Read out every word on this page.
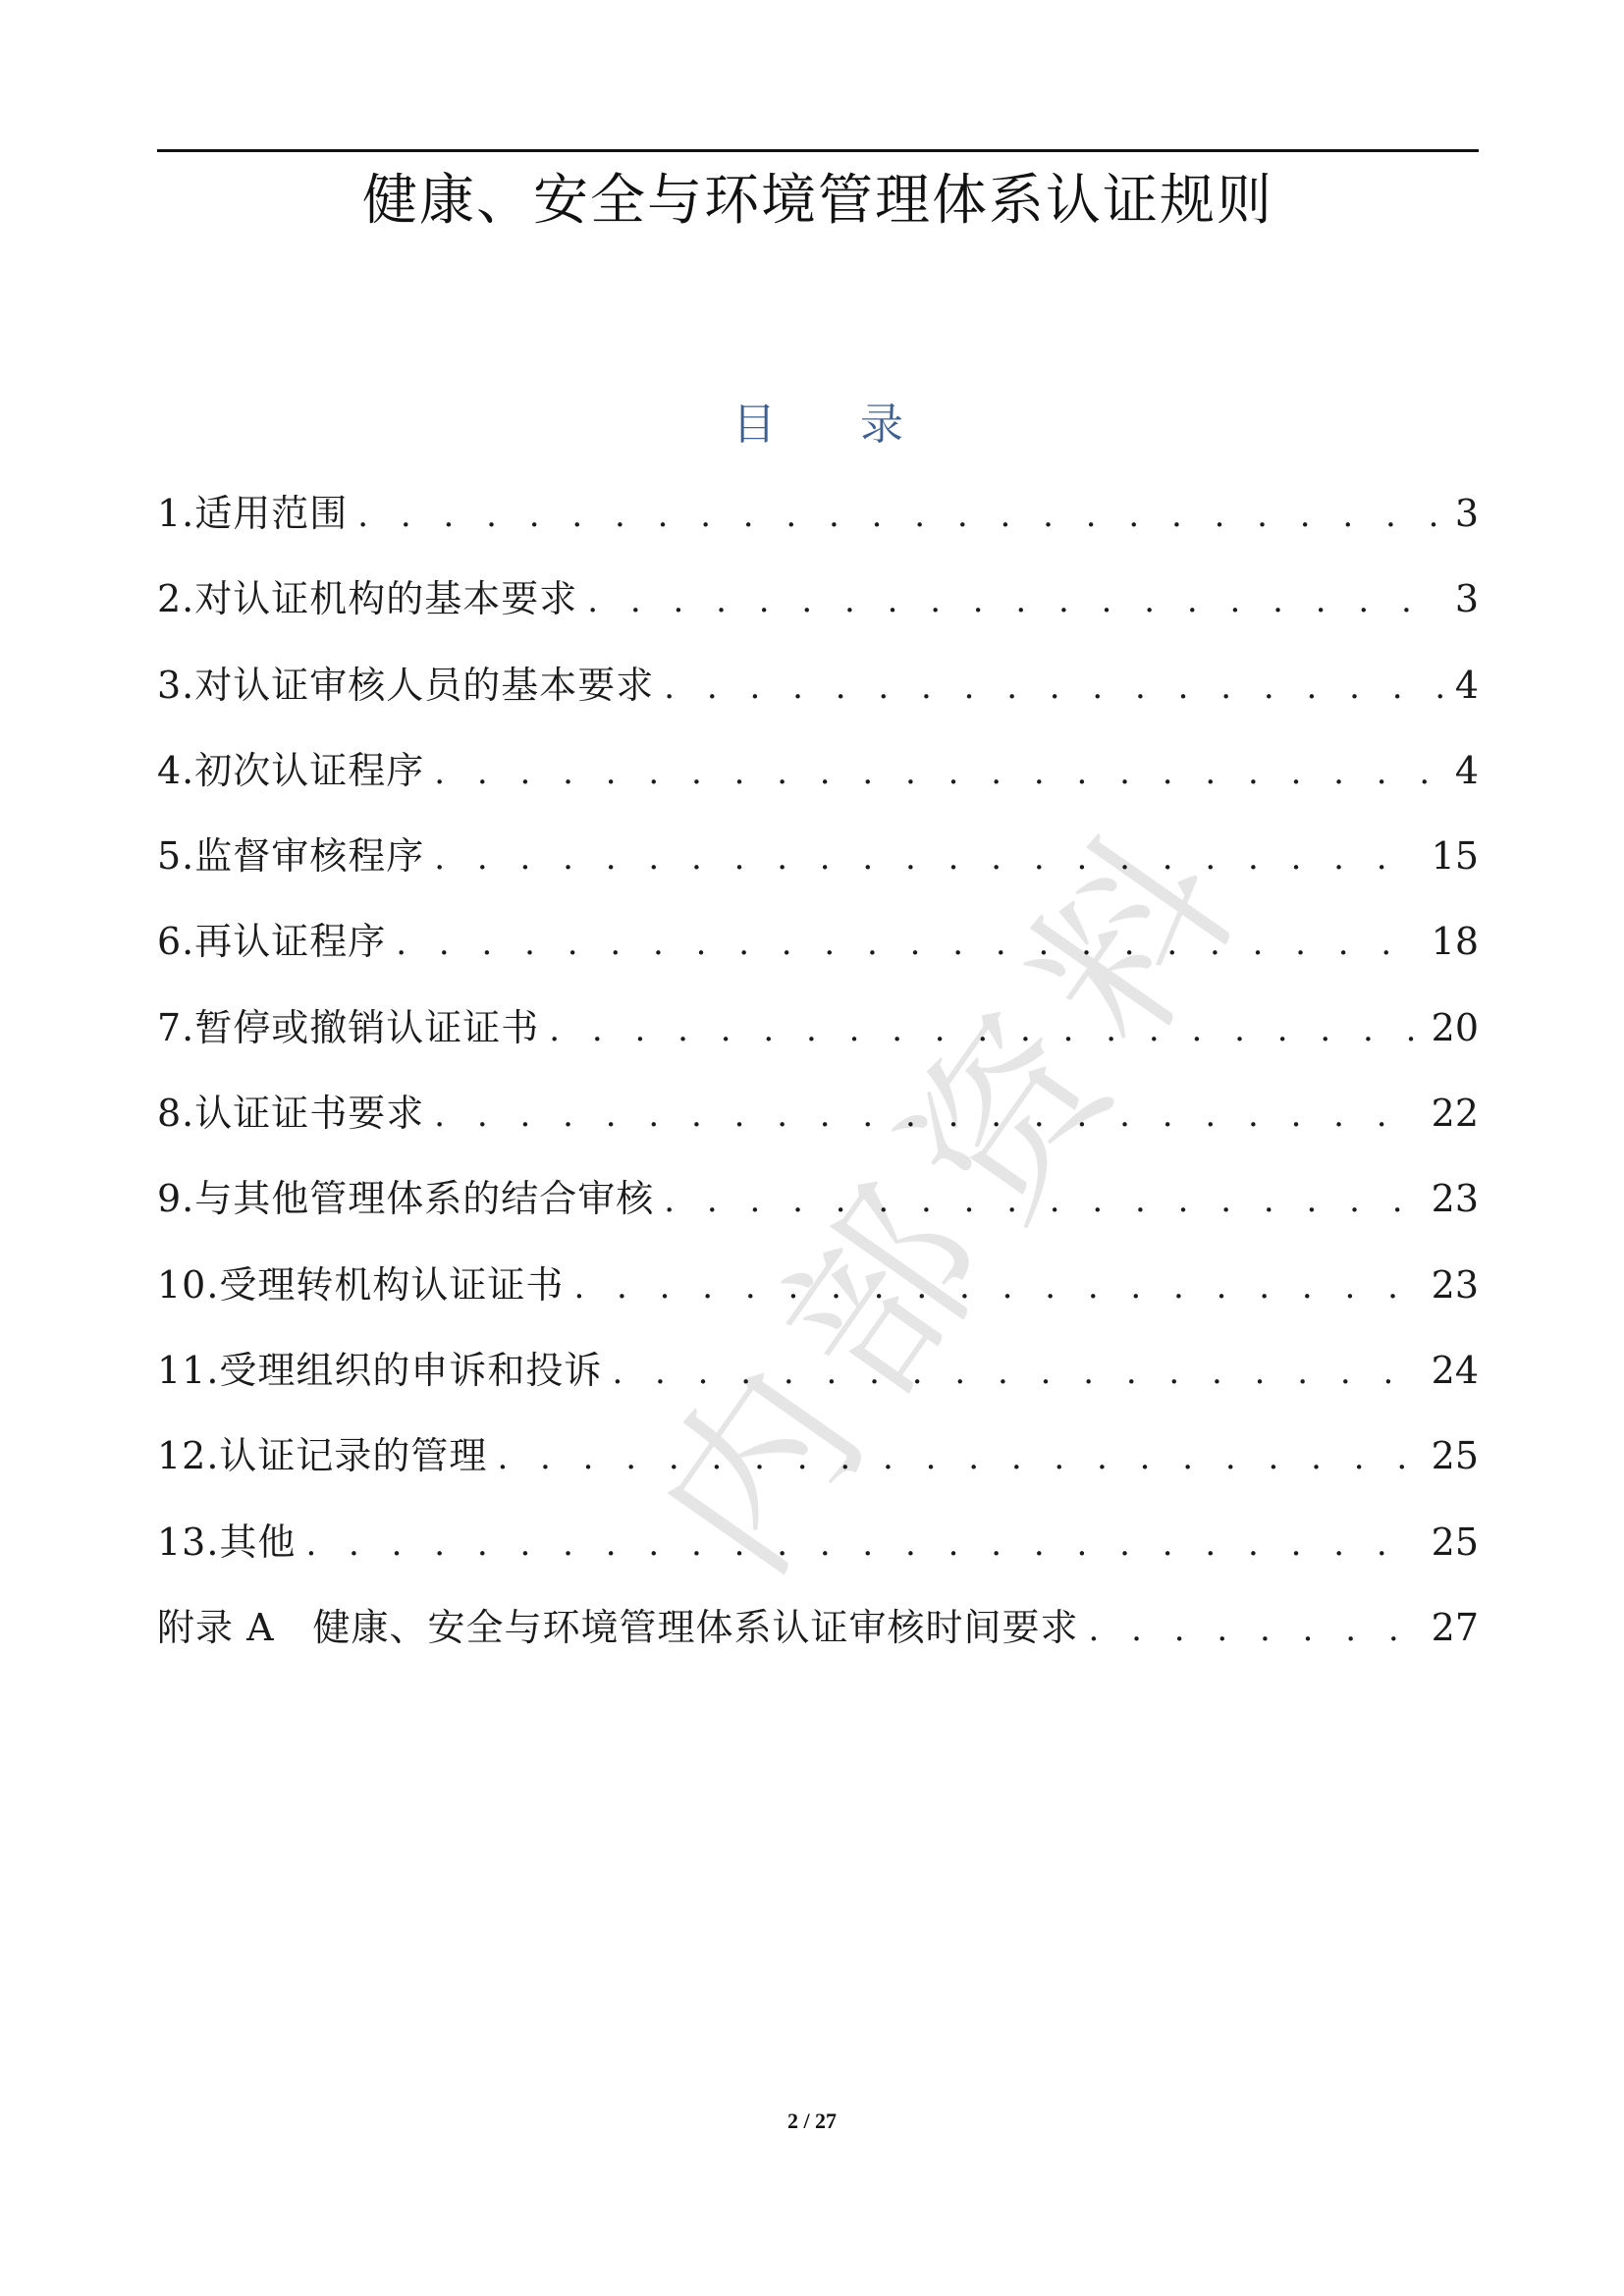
健康、安全与环境管理体系认证规则
内部资料
目 录
1.适用范围 . . .	3
2.对认证机构的基本要求 . . .	3
3.对认证审核人员的基本要求 . . .	4
4.初次认证程序 . . .	4
5.监督审核程序 . . .	15
6.再认证程序 . . .	18
7.暂停或撤销认证证书 . . .	20
8.认证证书要求 . . .	22
9.与其他管理体系的结合审核 . . .	23
10.受理转机构认证证书 . . .	23
11.受理组织的申诉和投诉 . . .	24
12.认证记录的管理 . . .	25
13.其他 . . .	25
附录 A　健康、安全与环境管理体系认证审核时间要求 . . .	27
2 / 27
